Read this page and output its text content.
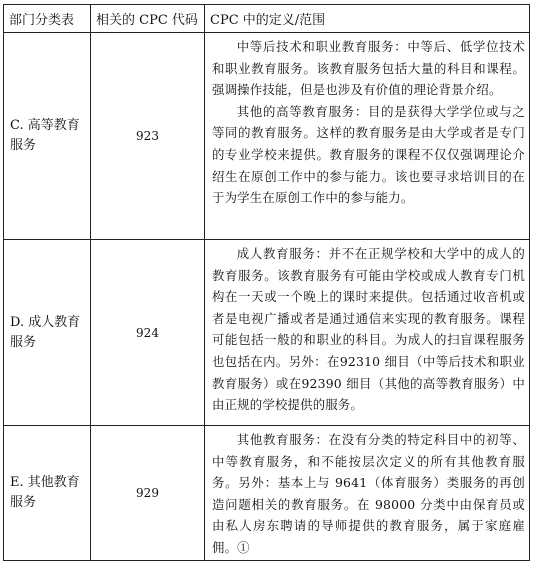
部门分类表	相关的 CPC 代码	CPC 中的定义/范围
C. 高等教育服务	923	中等后技术和职业教育服务：中等后、低学位技术和职业教育服务。该教育服务包括大量的科目和课程。强调操作技能，但是也涉及有价值的理论背景介绍。

其他的高等教育服务：目的是获得大学学位或与之等同的教育服务。这样的教育服务是由大学或者是专门的专业学校来提供。教育服务的课程不仅仅强调理论介绍生在原创工作中的参与能力。该也要寻求培训目的在于为学生在原创工作中的参与能力。

D. 成人教育服务	924	成人教育服务：并不在正规学校和大学中的成人的教育服务。该教育服务有可能由学校或成人教育专门机构在一天或一个晚上的课时来提供。包括通过收音机或者是电视广播或者是通过通信来实现的教育服务。课程可能包括一般的和职业的科目。为成人的扫盲课程服务也包括在内。另外：在92310 细目（中等后技术和职业教育服务）或在92390 细目（其他的高等教育服务）中由正规的学校提供的服务。

E. 其他教育服务	929	其他教育服务：在没有分类的特定科目中的初等、中等教育服务，和不能按层次定义的所有其他教育服务。另外：基本上与 9641（体育服务）类服务的再创造问题相关的教育服务。在 98000 分类中由保育员或由私人房东聘请的导师提供的教育服务，属于家庭雇佣。①
